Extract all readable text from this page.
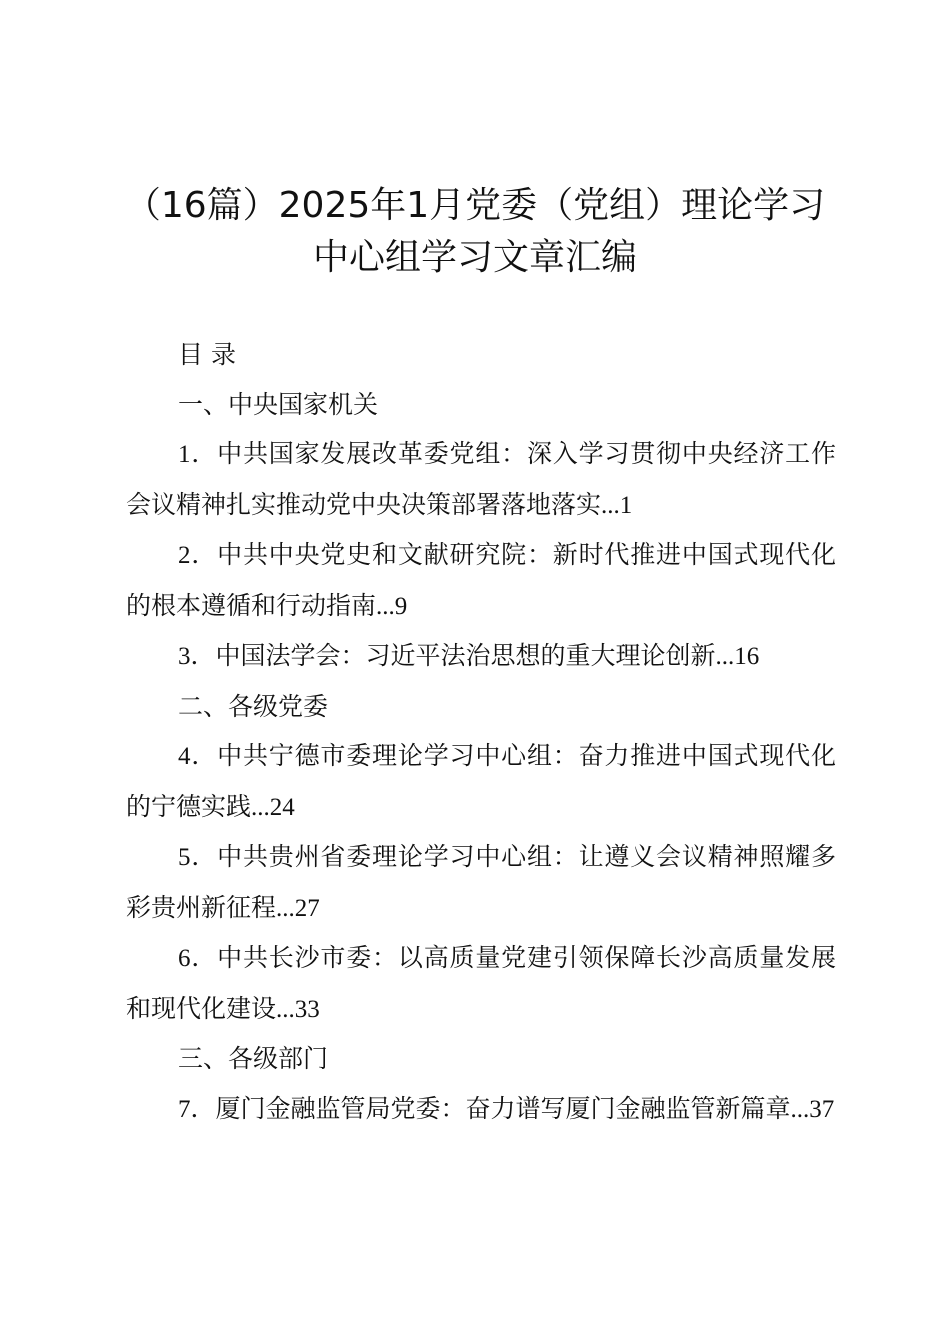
（16篇）2025年1月党委（党组）理论学习
中心组学习文章汇编
目 录
一、中央国家机关
1．中共国家发展改革委党组：深入学习贯彻中央经济工作会议精神扎实推动党中央决策部署落地落实...1
2．中共中央党史和文献研究院：新时代推进中国式现代化的根本遵循和行动指南...9
3．中国法学会：习近平法治思想的重大理论创新...16
二、各级党委
4．中共宁德市委理论学习中心组：奋力推进中国式现代化的宁德实践...24
5．中共贵州省委理论学习中心组：让遵义会议精神照耀多彩贵州新征程...27
6．中共长沙市委：以高质量党建引领保障长沙高质量发展和现代化建设...33
三、各级部门
7．厦门金融监管局党委：奋力谱写厦门金融监管新篇章...37
